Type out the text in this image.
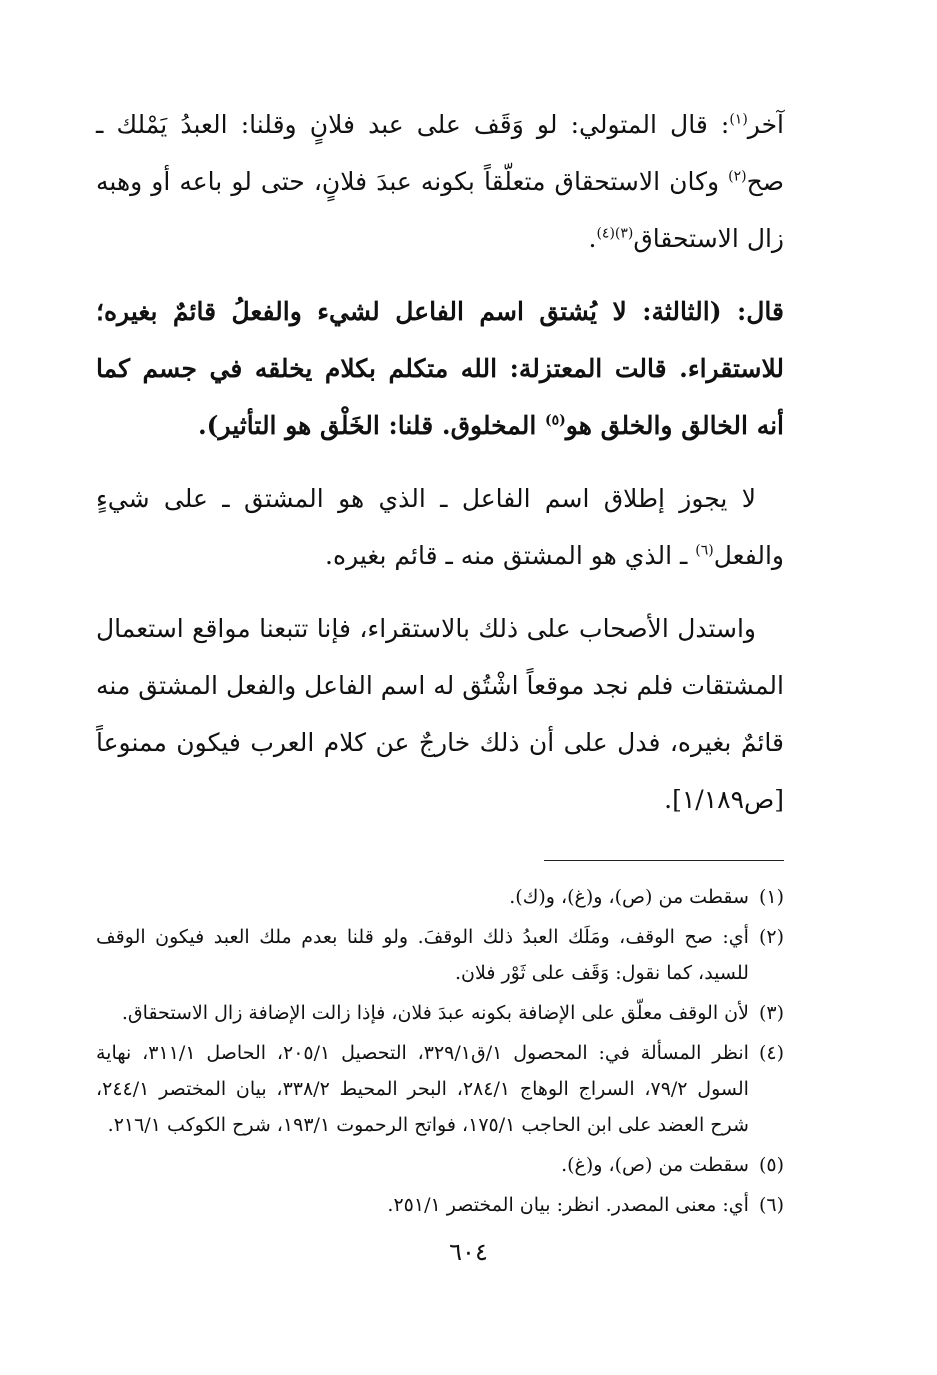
آخر$^{(١)}$: قال المتولي: لو وَقَف على عبد فلانٍ وقلنا: العبدُ يَمْلك ـ صح$^{(٢)}$ وكان الاستحقاق متعلّقاً بكونه عبدَ فلانٍ، حتى لو باعه أو وهبه زال الاستحقاق$^{(٣)(٤)}$.

قال: (الثالثة: لا يُشتق اسم الفاعل لشيء والفعلُ قائمٌ بغيره؛ للاستقراء. قالت المعتزلة: الله متكلم بكلام يخلقه في جسم كما أنه الخالق والخلق هو$^{(٥)}$ المخلوق. قلنا: الخَلْق هو التأثير).

لا يجوز إطلاق اسم الفاعل ـ الذي هو المشتق ـ على شيءٍ والفعل$^{(٦)}$ ـ الذي هو المشتق منه ـ قائم بغيره.

واستدل الأصحاب على ذلك بالاستقراء، فإنا تتبعنا مواقع استعمال المشتقات فلم نجد موقعاً اشْتُق له اسم الفاعل والفعل المشتق منه قائمٌ بغيره، فدل على أن ذلك خارجٌ عن كلام العرب فيكون ممنوعاً [ص١/١٨٩].

(١)
سقطت من (ص)، و(غ)، و(ك).
(٢)
أي: صح الوقف، ومَلَك العبدُ ذلك الوقفَ. ولو قلنا بعدم ملك العبد فيكون الوقف للسيد، كما نقول: وَقَف على ثَوْر فلان.
(٣)
لأن الوقف معلّق على الإضافة بكونه عبدَ فلان، فإذا زالت الإضافة زال الاستحقاق.
(٤)
انظر المسألة في: المحصول ١/ق٣٢٩/١، التحصيل ٢٠٥/١، الحاصل ٣١١/١، نهاية السول ٧٩/٢، السراج الوهاج ٢٨٤/١، البحر المحيط ٣٣٨/٢، بيان المختصر ٢٤٤/١، شرح العضد على ابن الحاجب ١٧٥/١، فواتح الرحموت ١٩٣/١، شرح الكوكب ٢١٦/١.
(٥)
سقطت من (ص)، و(غ).
(٦)
أي: معنى المصدر. انظر: بيان المختصر ٢٥١/١.
٦٠٤
